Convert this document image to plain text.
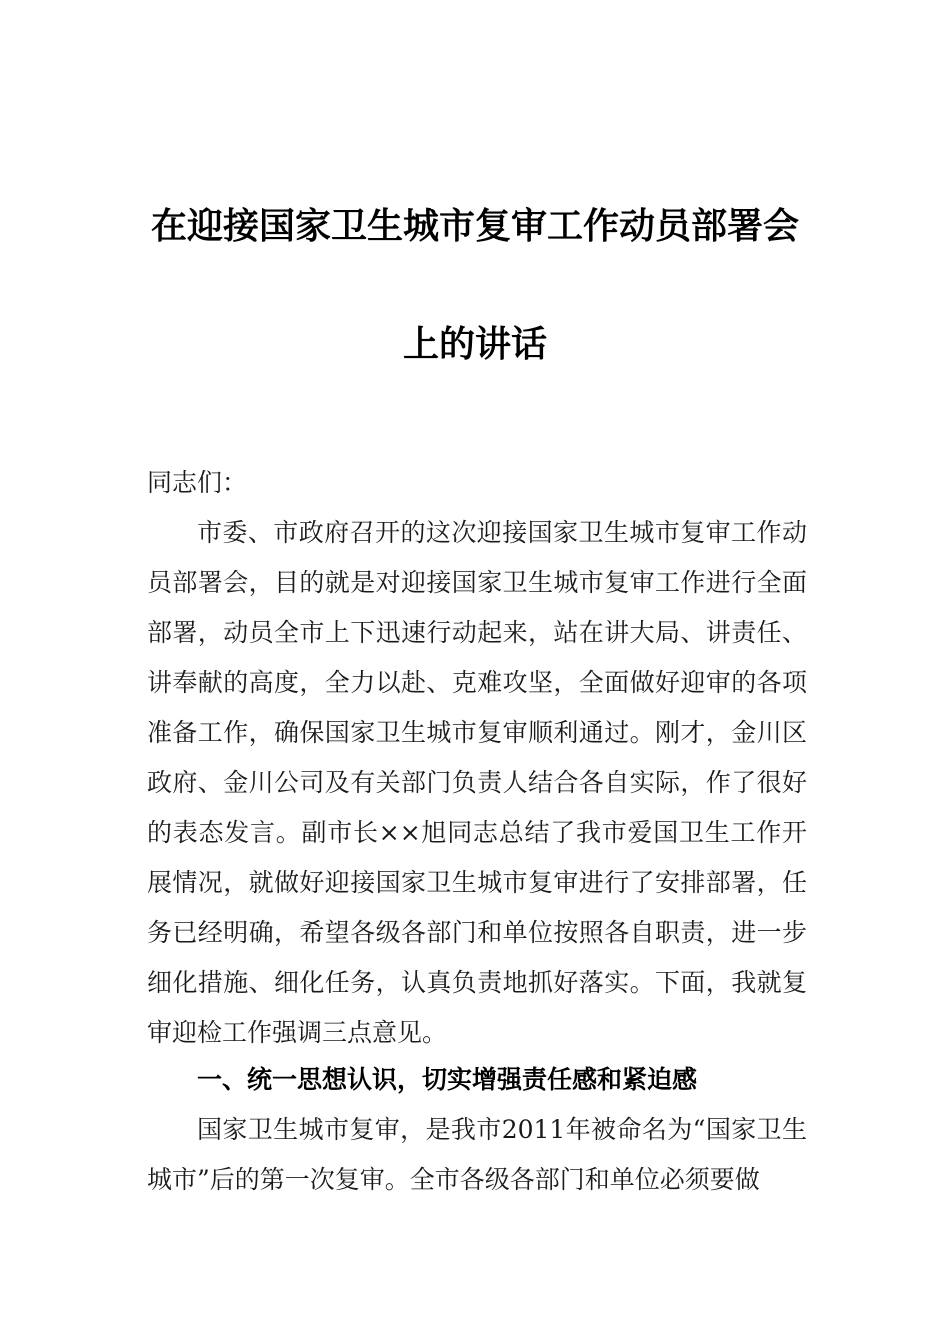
在迎接国家卫生城市复审工作动员部署会
上的讲话

同志们：

市委、市政府召开的这次迎接国家卫生城市复审工作动员部署会，目的就是对迎接国家卫生城市复审工作进行全面部署，动员全市上下迅速行动起来，站在讲大局、讲责任、讲奉献的高度，全力以赴、克难攻坚，全面做好迎审的各项准备工作，确保国家卫生城市复审顺利通过。刚才，金川区政府、金川公司及有关部门负责人结合各自实际，作了很好的表态发言。副市长××旭同志总结了我市爱国卫生工作开展情况，就做好迎接国家卫生城市复审进行了安排部署，任务已经明确，希望各级各部门和单位按照各自职责，进一步细化措施、细化任务，认真负责地抓好落实。下面，我就复审迎检工作强调三点意见。

一、统一思想认识，切实增强责任感和紧迫感

国家卫生城市复审，是我市2011年被命名为“国家卫生城市”后的第一次复审。全市各级各部门和单位必须要做
